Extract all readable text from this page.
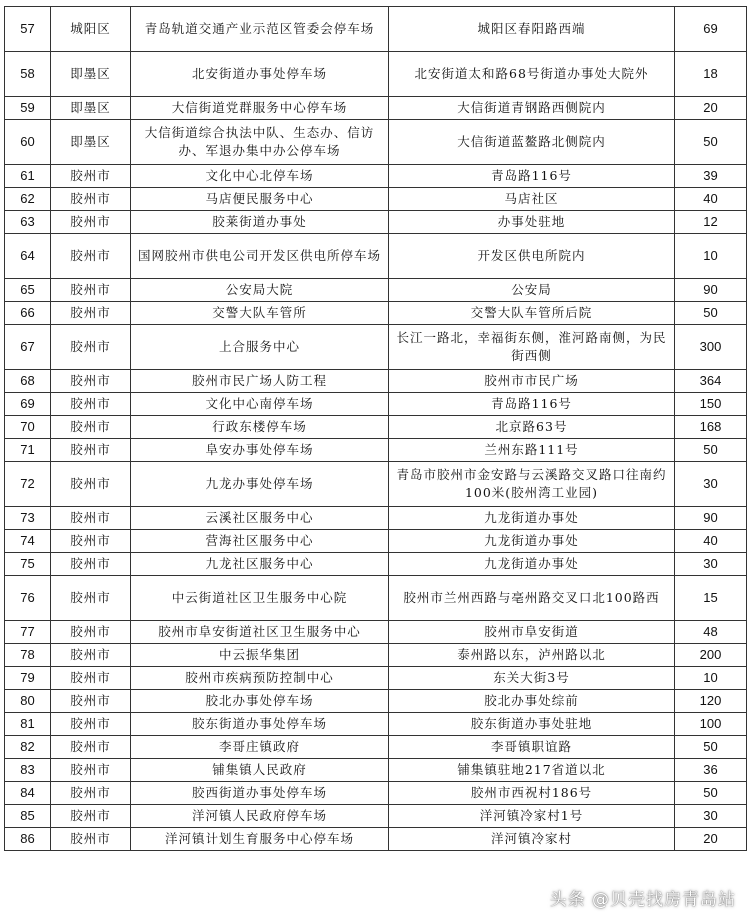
57	城阳区	青岛轨道交通产业示范区管委会停车场	城阳区春阳路西端	69
58	即墨区	北安街道办事处停车场	北安街道太和路68号街道办事处大院外	18
59	即墨区	大信街道党群服务中心停车场	大信街道青钢路西侧院内	20
60	即墨区	大信街道综合执法中队、生态办、信访办、军退办集中办公停车场	大信街道蓝鳌路北侧院内	50
61	胶州市	文化中心北停车场	青岛路116号	39
62	胶州市	马店便民服务中心	马店社区	40
63	胶州市	胶莱街道办事处	办事处驻地	12
64	胶州市	国网胶州市供电公司开发区供电所停车场	开发区供电所院内	10
65	胶州市	公安局大院	公安局	90
66	胶州市	交警大队车管所	交警大队车管所后院	50
67	胶州市	上合服务中心	长江一路北，幸福街东侧，淮河路南侧，为民街西侧	300
68	胶州市	胶州市民广场人防工程	胶州市市民广场	364
69	胶州市	文化中心南停车场	青岛路116号	150
70	胶州市	行政东楼停车场	北京路63号	168
71	胶州市	阜安办事处停车场	兰州东路111号	50
72	胶州市	九龙办事处停车场	青岛市胶州市金安路与云溪路交叉路口往南约100米(胶州湾工业园)	30
73	胶州市	云溪社区服务中心	九龙街道办事处	90
74	胶州市	营海社区服务中心	九龙街道办事处	40
75	胶州市	九龙社区服务中心	九龙街道办事处	30
76	胶州市	中云街道社区卫生服务中心院	胶州市兰州西路与亳州路交叉口北100路西	15
77	胶州市	胶州市阜安街道社区卫生服务中心	胶州市阜安街道	48
78	胶州市	中云振华集团	泰州路以东，泸州路以北	200
79	胶州市	胶州市疾病预防控制中心	东关大街3号	10
80	胶州市	胶北办事处停车场	胶北办事处综前	120
81	胶州市	胶东街道办事处停车场	胶东街道办事处驻地	100
82	胶州市	李哥庄镇政府	李哥镇职谊路	50
83	胶州市	铺集镇人民政府	铺集镇驻地217省道以北	36
84	胶州市	胶西街道办事处停车场	胶州市西祝村186号	50
85	胶州市	洋河镇人民政府停车场	洋河镇冷家村1号	30
86	胶州市	洋河镇计划生育服务中心停车场	洋河镇冷家村	20
头条 @贝壳找房青岛站
